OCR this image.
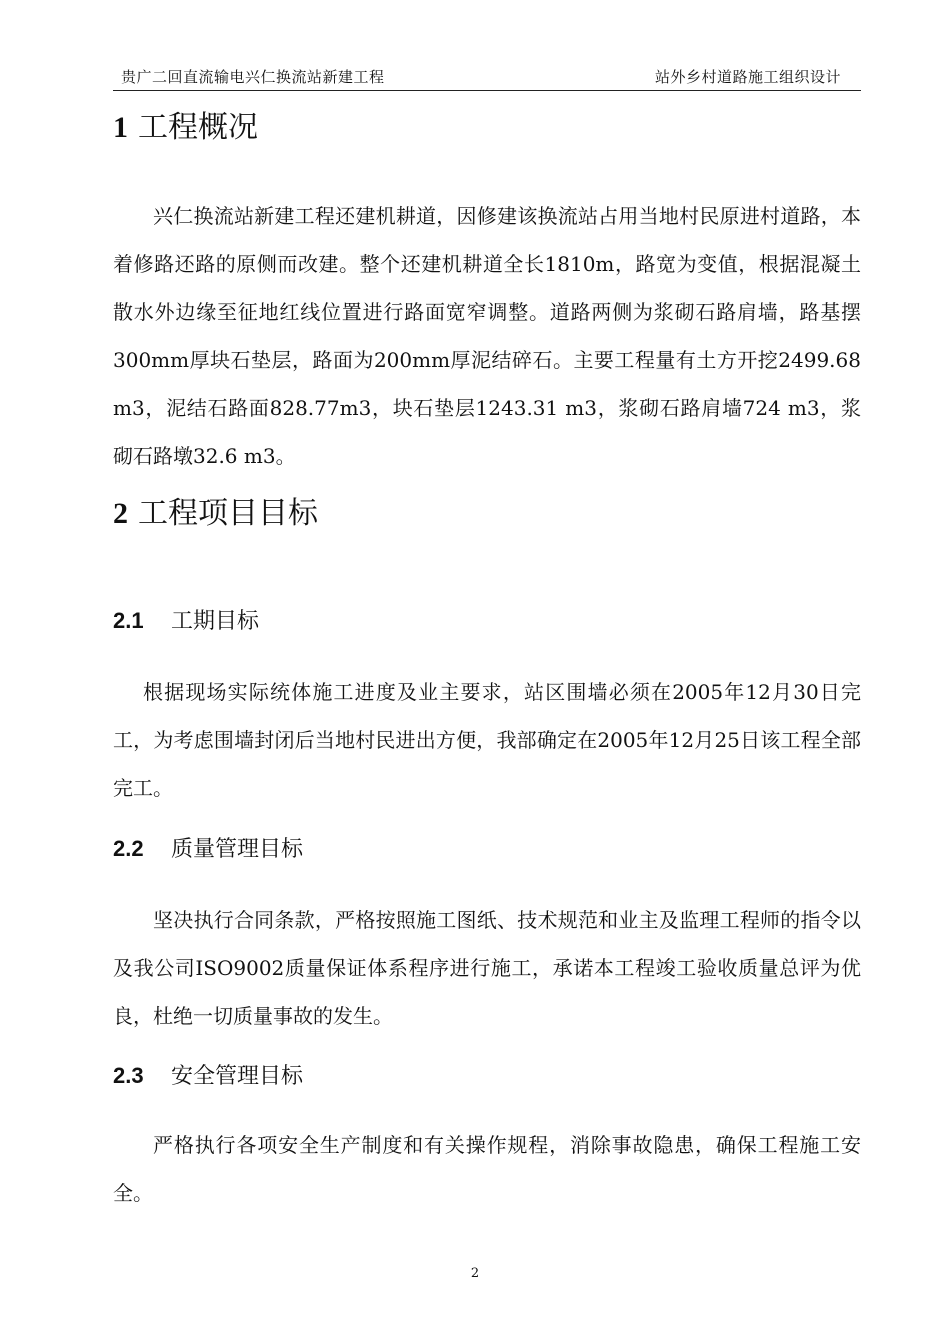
贵广二回直流输电兴仁换流站新建工程	站外乡村道路施工组织设计
1 工程概况

兴仁换流站新建工程还建机耕道，因修建该换流站占用当地村民原进村道路，本着修路还路的原侧而改建。整个还建机耕道全长1810m，路宽为变值，根据混凝土散水外边缘至征地红线位置进行路面宽窄调整。道路两侧为浆砌石路肩墙，路基摆300mm厚块石垫层，路面为200mm厚泥结碎石。主要工程量有土方开挖2499.68 m3，泥结石路面828.77m3，块石垫层1243.31 m3，浆砌石路肩墙724 m3，浆砌石路墩32.6 m3。

2 工程项目目标
2.1 工期目标

根据现场实际统体施工进度及业主要求，站区围墙必须在2005年12月30日完工，为考虑围墙封闭后当地村民进出方便，我部确定在2005年12月25日该工程全部完工。

2.2 质量管理目标

坚决执行合同条款，严格按照施工图纸、技术规范和业主及监理工程师的指令以及我公司ISO9002质量保证体系程序进行施工，承诺本工程竣工验收质量总评为优良，杜绝一切质量事故的发生。

2.3 安全管理目标

严格执行各项安全生产制度和有关操作规程，消除事故隐患，确保工程施工安全。

2
